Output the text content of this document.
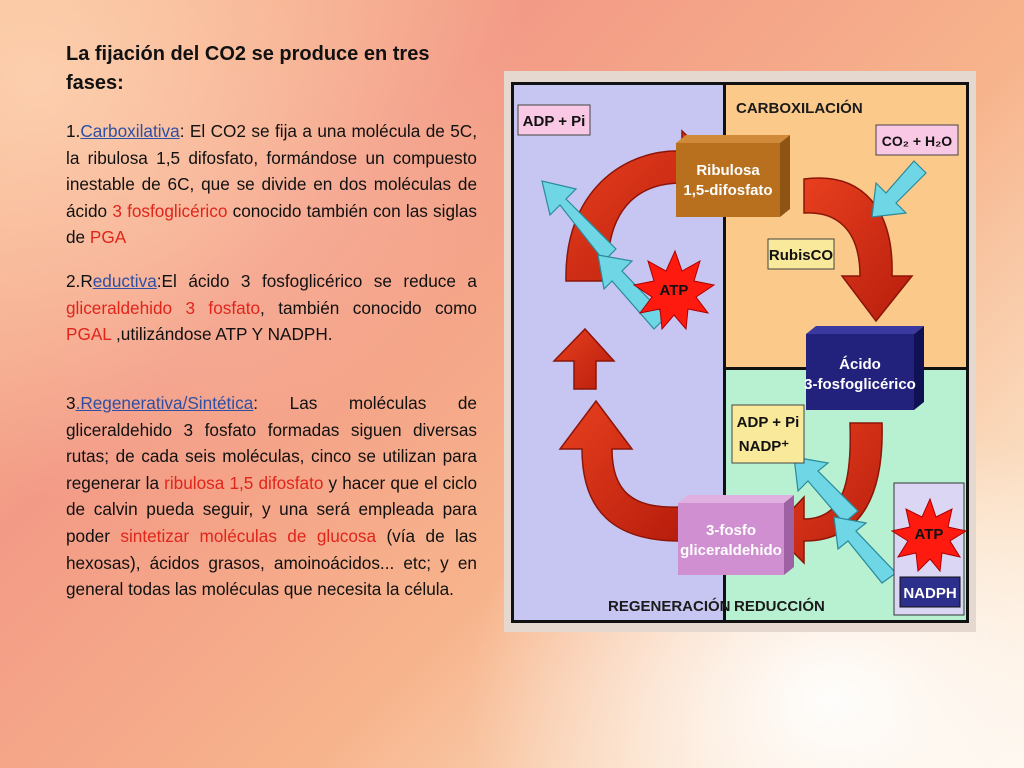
La fijación del CO2 se produce en tres fases:
1.Carboxilativa: El CO2 se fija a una molécula de 5C, la ribulosa 1,5 difosfato, formándose un compuesto inestable de 6C, que se divide en dos moléculas de ácido 3 fosfoglicérico conocido también con las siglas de PGA
2.Reductiva:El ácido 3 fosfoglicérico se reduce a gliceraldehido 3 fosfato, también conocido como PGAL ,utilizándose ATP Y NADPH.
3.Regenerativa/Sintética: Las moléculas de gliceraldehido 3 fosfato formadas siguen diversas rutas; de cada seis moléculas, cinco se utilizan para regenerar la ribulosa 1,5 difosfato y hacer que el ciclo de calvin pueda seguir, y una será empleada para poder sintetizar moléculas de glucosa (vía de las hexosas), ácidos grasos, amoinoácidos... etc; y en general todas las moléculas que necesita la célula.
CARBOXILACIÓN
REGENERACIÓN REDUCCIÓN
ADP + Pi
CO₂ + H₂O
Ribulosa
1,5-difosfato
RubisCO
ATP
Ácido
3-fosfoglicérico
ADP + Pi
NADP⁺
3-fosfo
gliceraldehido
ATP
NADPH
